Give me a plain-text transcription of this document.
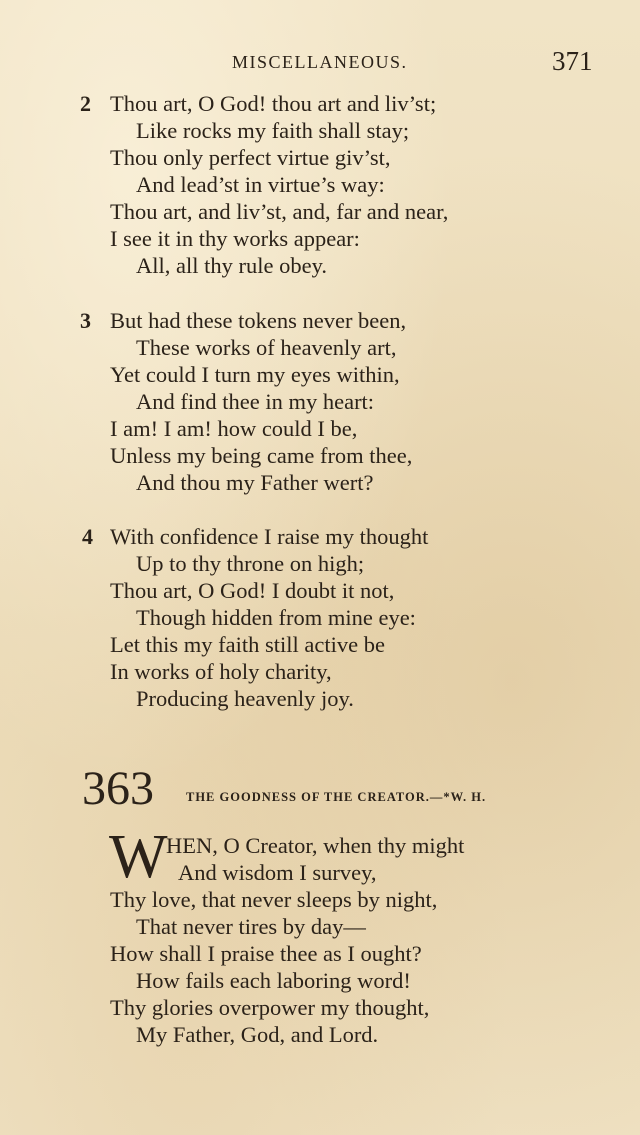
MISCELLANEOUS.	371
2 Thou art, O God! thou art and liv’st;
Like rocks my faith shall stay;
Thou only perfect virtue giv’st,
And lead’st in virtue’s way:
Thou art, and liv’st, and, far and near,
I see it in thy works appear:
All, all thy rule obey.
3 But had these tokens never been,
These works of heavenly art,
Yet could I turn my eyes within,
And find thee in my heart:
I am! I am! how could I be,
Unless my being came from thee,
And thou my Father wert?
4 With confidence I raise my thought
Up to thy throne on high;
Thou art, O God! I doubt it not,
Though hidden from mine eye:
Let this my faith still active be
In works of holy charity,
Producing heavenly joy.
363	THE GOODNESS OF THE CREATOR.—*W. H.
W
HEN, O Creator, when thy might
And wisdom I survey,
Thy love, that never sleeps by night,
That never tires by day—
How shall I praise thee as I ought?
How fails each laboring word!
Thy glories overpower my thought,
My Father, God, and Lord.
